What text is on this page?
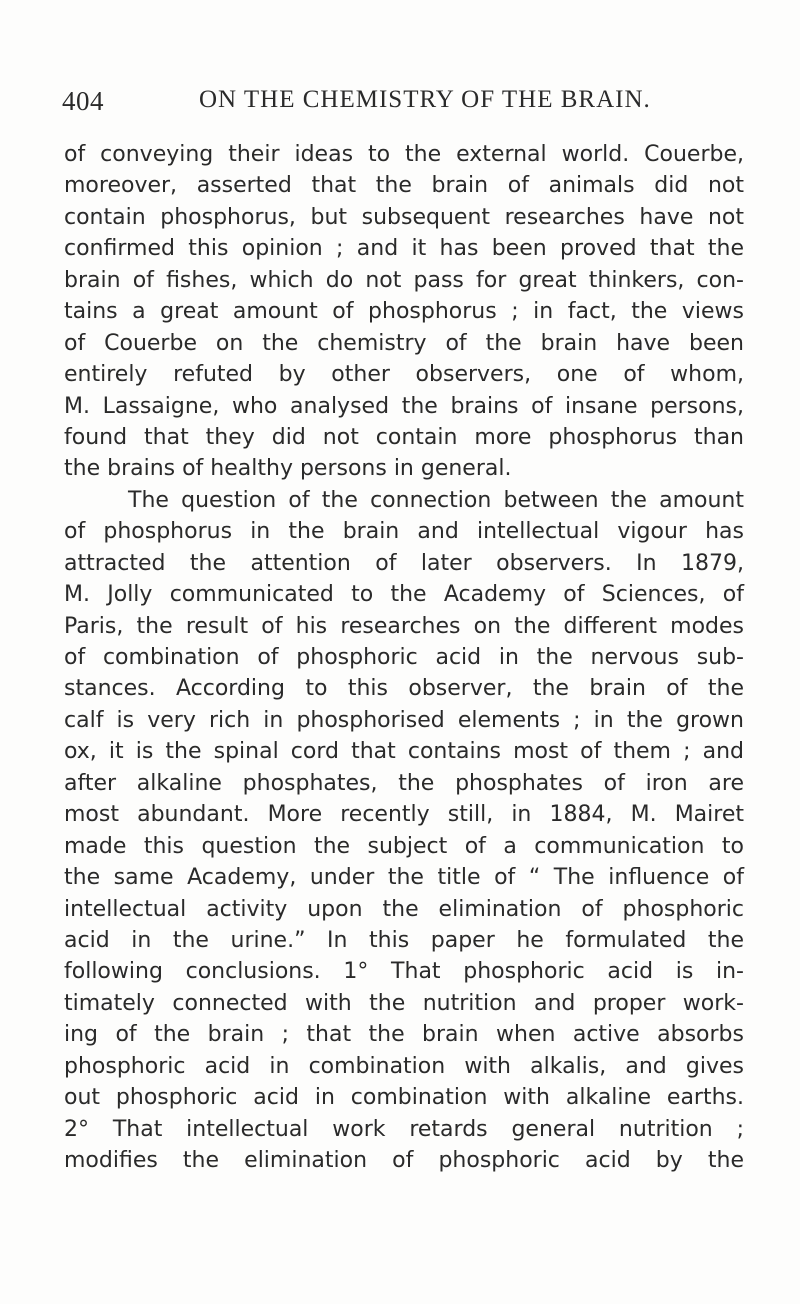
404	ON THE CHEMISTRY OF THE BRAIN.
of conveying their ideas to the external world. Couerbe,
moreover, asserted that the brain of animals did not
contain phosphorus, but subsequent researches have not
confirmed this opinion ; and it has been proved that the
brain of fishes, which do not pass for great thinkers, con-
tains a great amount of phosphorus ; in fact, the views
of Couerbe on the chemistry of the brain have been
entirely refuted by other observers, one of whom,
M. Lassaigne, who analysed the brains of insane persons,
found that they did not contain more phosphorus than
the brains of healthy persons in general.
The question of the connection between the amount
of phosphorus in the brain and intellectual vigour has
attracted the attention of later observers. In 1879,
M. Jolly communicated to the Academy of Sciences, of
Paris, the result of his researches on the different modes
of combination of phosphoric acid in the nervous sub-
stances. According to this observer, the brain of the
calf is very rich in phosphorised elements ; in the grown
ox, it is the spinal cord that contains most of them ; and
after alkaline phosphates, the phosphates of iron are
most abundant. More recently still, in 1884, M. Mairet
made this question the subject of a communication to
the same Academy, under the title of “ The influence of
intellectual activity upon the elimination of phosphoric
acid in the urine.” In this paper he formulated the
following conclusions. 1° That phosphoric acid is in-
timately connected with the nutrition and proper work-
ing of the brain ; that the brain when active absorbs
phosphoric acid in combination with alkalis, and gives
out phosphoric acid in combination with alkaline earths.
2° That intellectual work retards general nutrition ;
modifies the elimination of phosphoric acid by the
